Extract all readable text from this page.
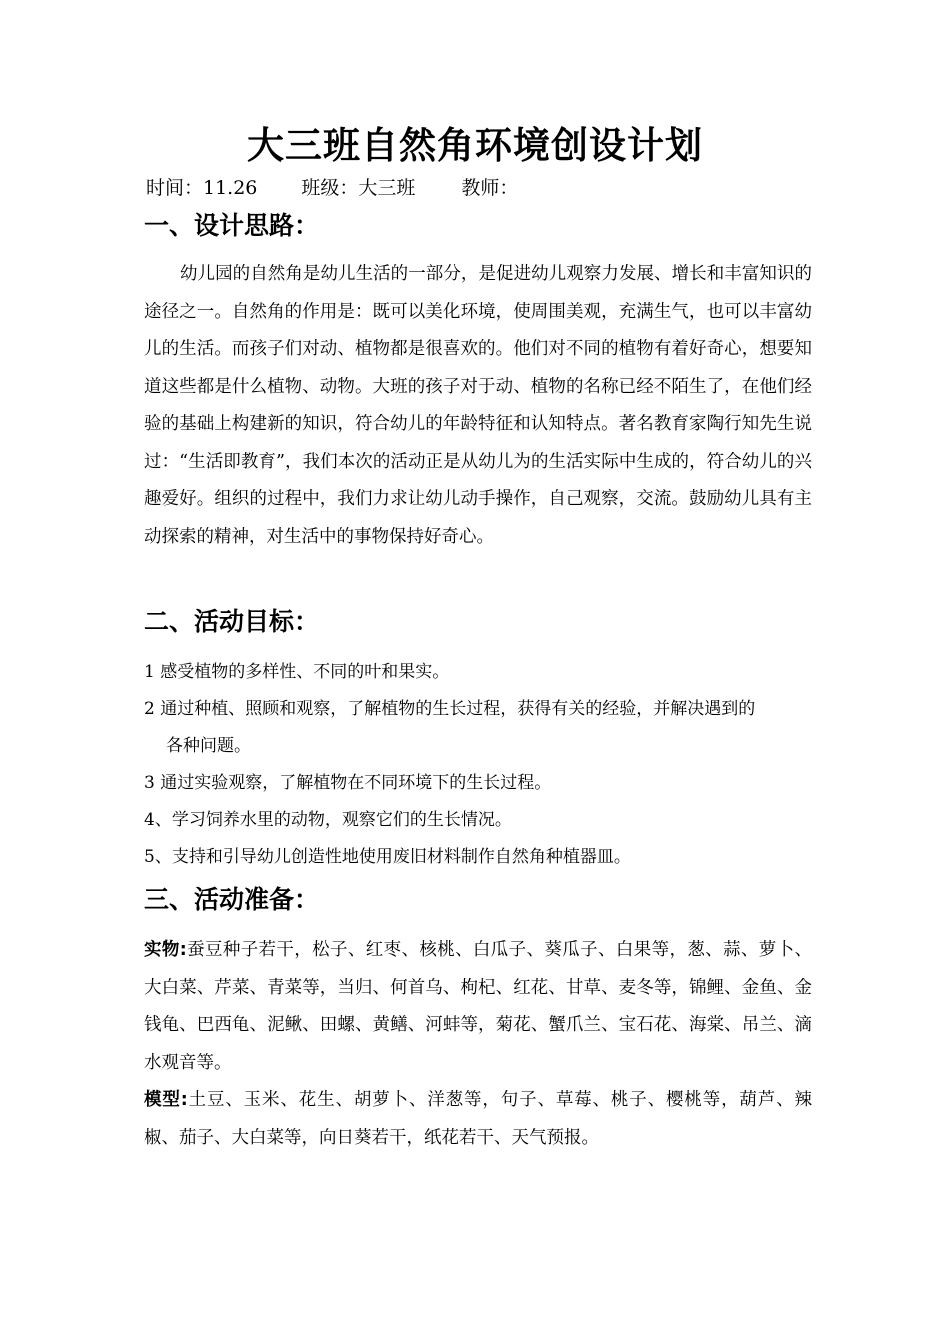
大三班自然角环境创设计划
时间：11.26 班级：大三班 教师：
一、设计思路：
幼儿园的自然角是幼儿生活的一部分，是促进幼儿观察力发展、增长和丰富知识的途径之一。自然角的作用是：既可以美化环境，使周围美观，充满生气，也可以丰富幼儿的生活。而孩子们对动、植物都是很喜欢的。他们对不同的植物有着好奇心，想要知道这些都是什么植物、动物。大班的孩子对于动、植物的名称已经不陌生了，在他们经验的基础上构建新的知识，符合幼儿的年龄特征和认知特点。著名教育家陶行知先生说过：“生活即教育”，我们本次的活动正是从幼儿为的生活实际中生成的，符合幼儿的兴趣爱好。组织的过程中，我们力求让幼儿动手操作，自己观察，交流。鼓励幼儿具有主动探索的精神，对生活中的事物保持好奇心。
二、活动目标：
1 感受植物的多样性、不同的叶和果实。
2 通过种植、照顾和观察，了解植物的生长过程，获得有关的经验，并解决遇到的
各种问题。
3 通过实验观察，了解植物在不同环境下的生长过程。
4、学习饲养水里的动物，观察它们的生长情况。
5、支持和引导幼儿创造性地使用废旧材料制作自然角种植器皿。
三、活动准备：
实物:蚕豆种子若干，松子、红枣、核桃、白瓜子、葵瓜子、白果等，葱、蒜、萝卜、大白菜、芹菜、青菜等，当归、何首乌、枸杞、红花、甘草、麦冬等，锦鲤、金鱼、金钱龟、巴西龟、泥鳅、田螺、黄鳝、河蚌等，菊花、蟹爪兰、宝石花、海棠、吊兰、滴水观音等。
模型:土豆、玉米、花生、胡萝卜、洋葱等，句子、草莓、桃子、樱桃等，葫芦、辣椒、茄子、大白菜等，向日葵若干，纸花若干、天气预报。
